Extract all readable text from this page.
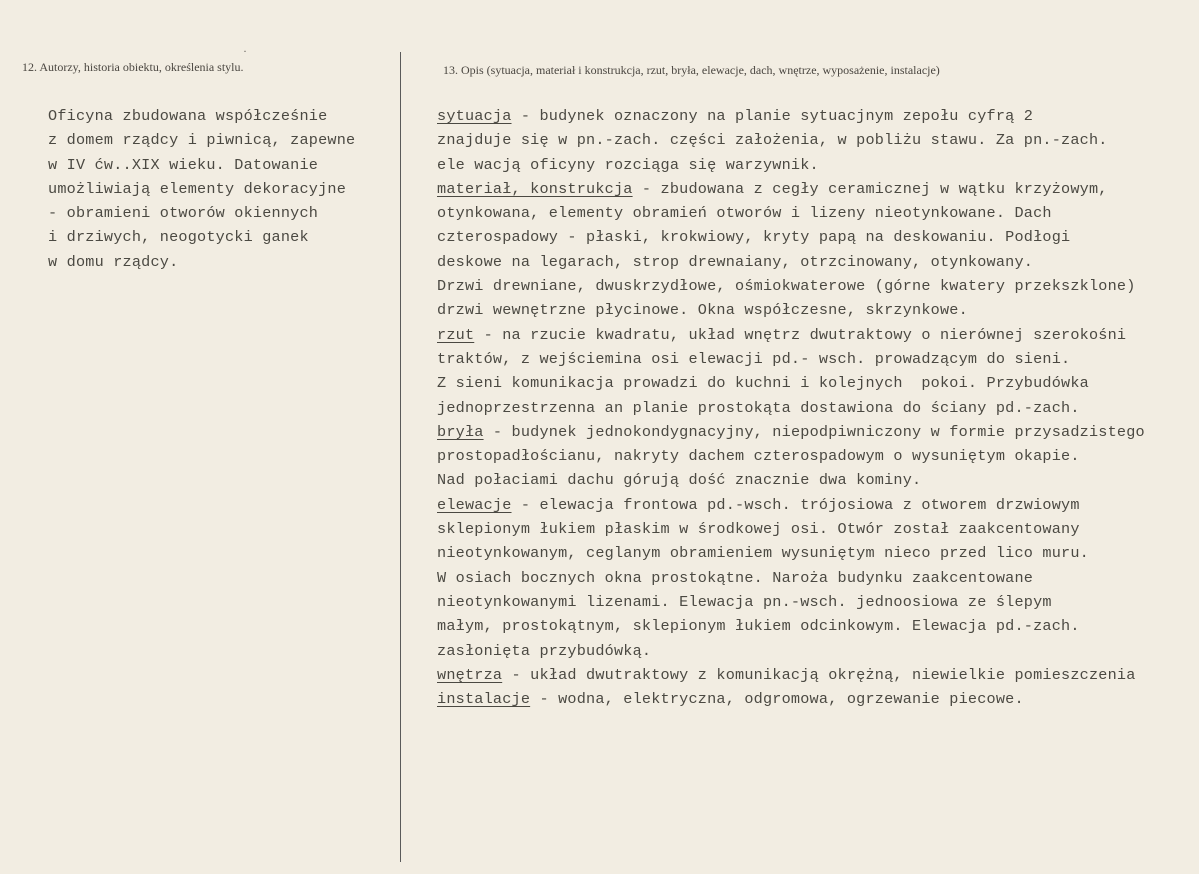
12. Autorzy, historia obiektu, określenia stylu.	13. Opis (sytuacja, materiał i konstrukcja, rzut, bryła, elewacje, dach, wnętrze, wyposażenie, instalacje)
Oficyna zbudowana współcześnie
z domem rządcy i piwnicą, zapewne
w IV ćw..XIX wieku. Datowanie
umożliwiają elementy dekoracyjne
- obramieni otworów okiennych
i drziwych, neogotycki ganek
w domu rządcy.
sytuacja - budynek oznaczony na planie sytuacjnym zepołu cyfrą 2
znajduje się w pn.-zach. części założenia, w pobliżu stawu. Za pn.-zach.
ele wacją oficyny rozciąga się warzywnik.
materiał, konstrukcja - zbudowana z cegły ceramicznej w wątku krzyżowym,
otynkowana, elementy obramień otworów i lizeny nieotynkowane. Dach
czterospadowy - płaski, krokwiowy, kryty papą na deskowaniu. Podłogi
deskowe na legarach, strop drewnaiany, otrzcinowany, otynkowany.
Drzwi drewniane, dwuskrzydłowe, ośmiokwaterowe (górne kwatery przekszklone)
drzwi wewnętrzne płycinowe. Okna współczesne, skrzynkowe.
rzut - na rzucie kwadratu, układ wnętrz dwutraktowy o nierównej szerokośni
traktów, z wejściemina osi elewacji pd.- wsch. prowadzącym do sieni.
Z sieni komunikacja prowadzi do kuchni i kolejnych  pokoi. Przybudówka
jednoprzestrzenna an planie prostokąta dostawiona do ściany pd.-zach.
bryła - budynek jednokondygnacyjny, niepodpiwniczony w formie przysadzistego
prostopadłościanu, nakryty dachem czterospadowym o wysuniętym okapie.
Nad połaciami dachu górują dość znacznie dwa kominy.
elewacje - elewacja frontowa pd.-wsch. trójosiowa z otworem drzwiowym
sklepionym łukiem płaskim w środkowej osi. Otwór został zaakcentowany
nieotynkowanym, ceglanym obramieniem wysuniętym nieco przed lico muru.
W osiach bocznych okna prostokątne. Naroża budynku zaakcentowane
nieotynkowanymi lizenami. Elewacja pn.-wsch. jednoosiowa ze ślepym
małym, prostokątnym, sklepionym łukiem odcinkowym. Elewacja pd.-zach.
zasłonięta przybudówką.
wnętrza - układ dwutraktowy z komunikacją okrężną, niewielkie pomieszczenia
instalacje - wodna, elektryczna, odgromowa, ogrzewanie piecowe.
·
